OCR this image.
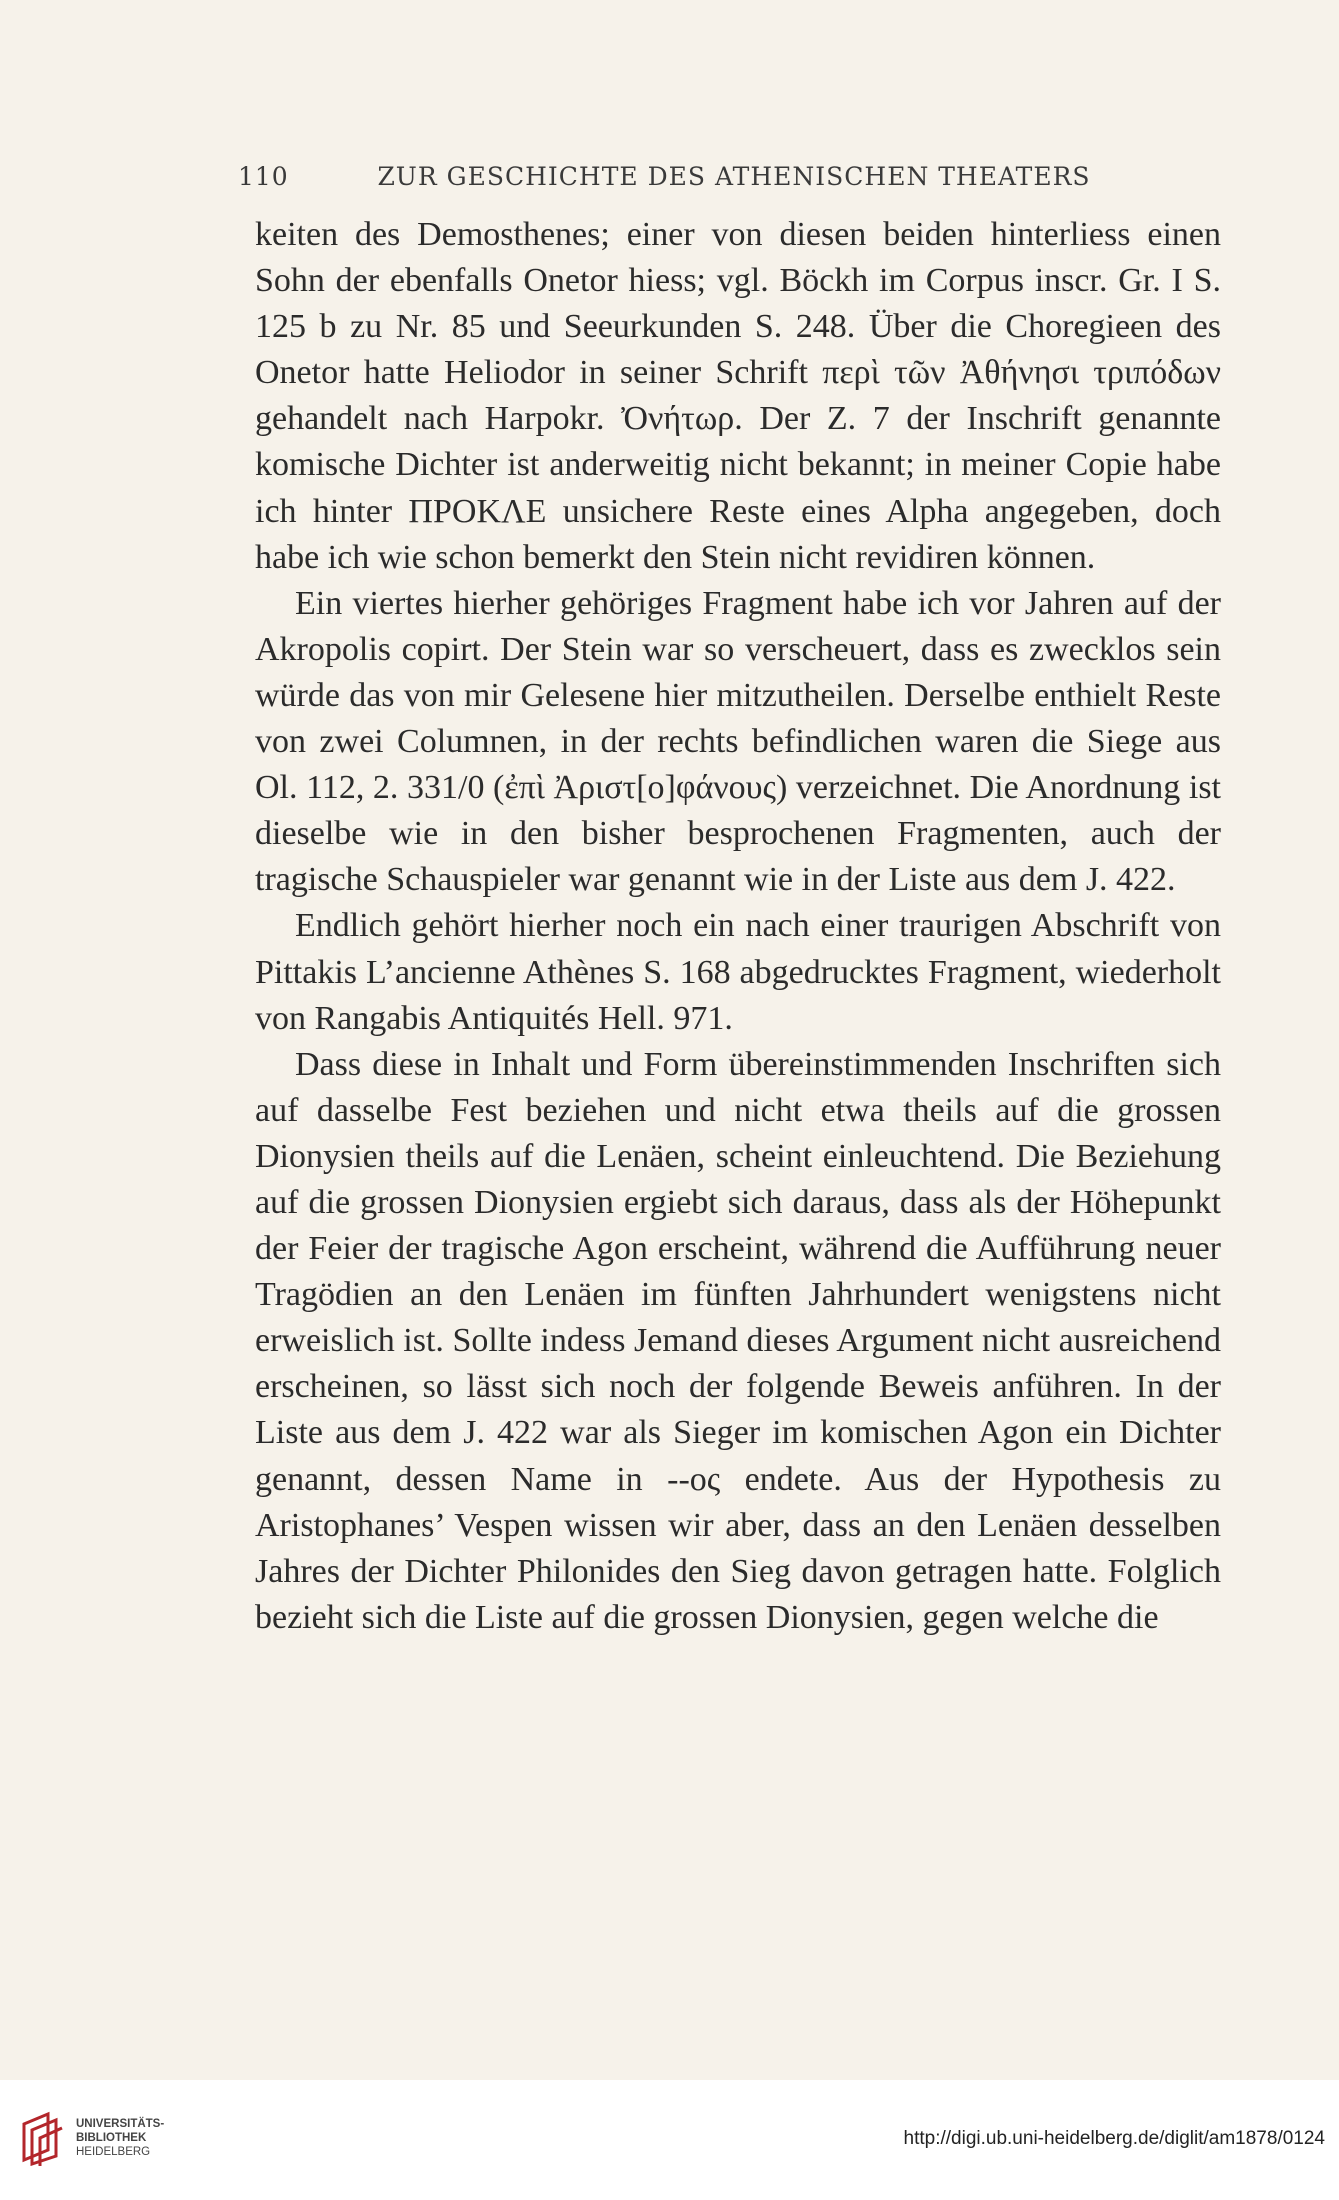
110	ZUR GESCHICHTE DES ATHENISCHEN THEATERS

keiten des Demosthenes; einer von diesen beiden hinterliess einen Sohn der ebenfalls Onetor hiess; vgl. Böckh im Corpus inscr. Gr. I S. 125 b zu Nr. 85 und Seeurkunden S. 248. Über die Choregieen des Onetor hatte Heliodor in seiner Schrift περὶ τῶν Ἀθήνησι τριπόδων gehandelt nach Harpokr. Ὀνήτωρ. Der Z. 7 der Inschrift genannte komische Dichter ist anderweitig nicht bekannt; in meiner Copie habe ich hinter ΠΡΟΚΛΕ unsichere Reste eines Alpha angegeben, doch habe ich wie schon bemerkt den Stein nicht revidiren können.

Ein viertes hierher gehöriges Fragment habe ich vor Jahren auf der Akropolis copirt. Der Stein war so verscheuert, dass es zwecklos sein würde das von mir Gelesene hier mitzutheilen. Derselbe enthielt Reste von zwei Columnen, in der rechts befindlichen waren die Siege aus Ol. 112, 2. 331/0 (ἐπὶ Ἀριστ[ο]φάνους) verzeichnet. Die Anordnung ist dieselbe wie in den bisher besprochenen Fragmenten, auch der tragische Schauspieler war genannt wie in der Liste aus dem J. 422.

Endlich gehört hierher noch ein nach einer traurigen Abschrift von Pittakis L’ancienne Athènes S. 168 abgedrucktes Fragment, wiederholt von Rangabis Antiquités Hell. 971.

Dass diese in Inhalt und Form übereinstimmenden Inschriften sich auf dasselbe Fest beziehen und nicht etwa theils auf die grossen Dionysien theils auf die Lenäen, scheint einleuchtend. Die Beziehung auf die grossen Dionysien ergiebt sich daraus, dass als der Höhepunkt der Feier der tragische Agon erscheint, während die Aufführung neuer Tragödien an den Lenäen im fünften Jahrhundert wenigstens nicht erweislich ist. Sollte indess Jemand dieses Argument nicht ausreichend erscheinen, so lässt sich noch der folgende Beweis anführen. In der Liste aus dem J. 422 war als Sieger im komischen Agon ein Dichter genannt, dessen Name in --ος endete. Aus der Hypothesis zu Aristophanes’ Vespen wissen wir aber, dass an den Lenäen desselben Jahres der Dichter Philonides den Sieg davon getragen hatte. Folglich bezieht sich die Liste auf die grossen Dionysien, gegen welche die

UNIVERSITÄTS-
BIBLIOTHEK
HEIDELBERG
http://digi.ub.uni-heidelberg.de/diglit/am1878/0124
